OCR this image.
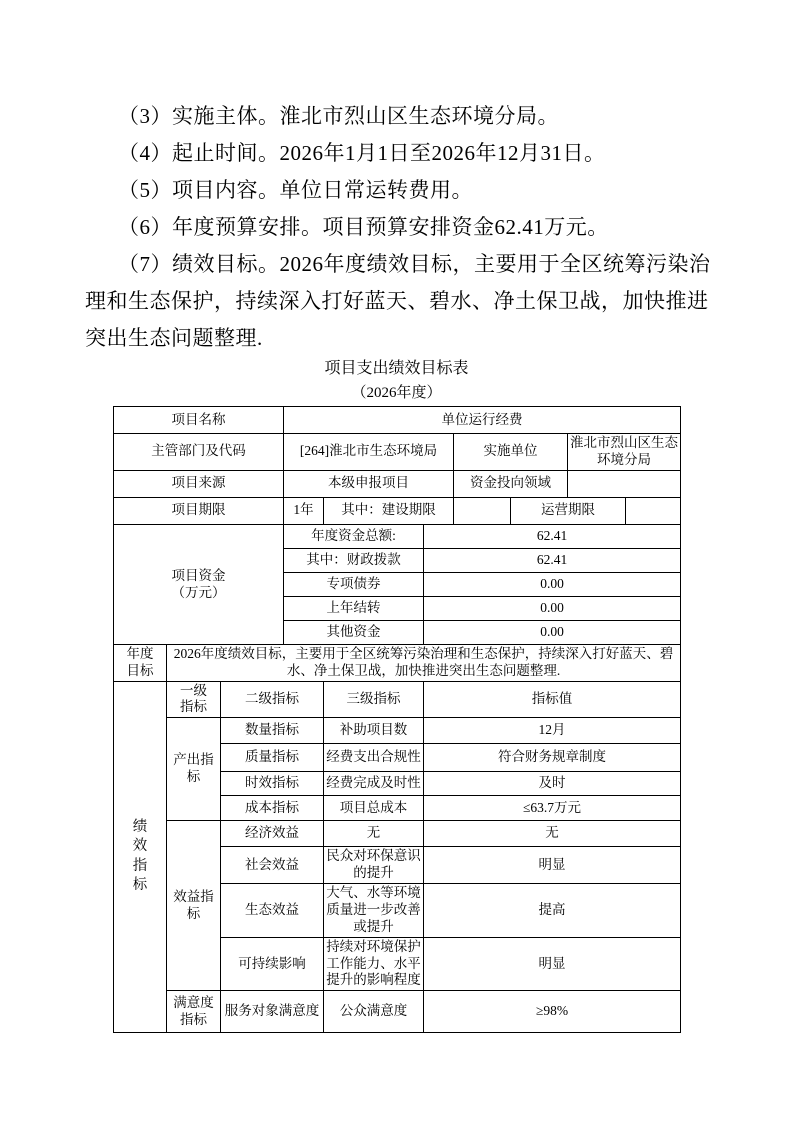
（3）实施主体。淮北市烈山区生态环境分局。

（4）起止时间。2026年1月1日至2026年12月31日。

（5）项目内容。单位日常运转费用。

（6）年度预算安排。项目预算安排资金62.41万元。

（7）绩效目标。2026年度绩效目标，主要用于全区统筹污染治理和生态保护，持续深入打好蓝天、碧水、净土保卫战，加快推进突出生态问题整理.

项目支出绩效目标表
（2026年度）
项目名称			单位运行经费						
主管部门及代码			[264]淮北市生态环境局			实施单位		淮北市烈山区生态环境分局	
项目来源			本级申报项目			资金投向领域			
项目期限			1年	其中：建设期限			运营期限		
项目资金（万元）			年度资金总额:		62.41				
			其中：财政拨款		62.41				
			专项债券		0.00				
			上年结转		0.00				
			其他资金		0.00				
年度目标	2026年度绩效目标，主要用于全区统筹污染治理和生态保护，持续深入打好蓝天、碧水、净土保卫战，加快推进突出生态问题整理.								
绩效指标	一级指标	二级指标		三级指标	指标值				
	产出指标	数量指标		补助项目数	12月				
		质量指标		经费支出合规性	符合财务规章制度				
		时效指标		经费完成及时性	及时				
		成本指标		项目总成本	≤63.7万元				
	效益指标	经济效益		无	无				
		社会效益		民众对环保意识的提升	明显				
		生态效益		大气、水等环境质量进一步改善或提升	提高				
		可持续影响		持续对环境保护工作能力、水平提升的影响程度	明显				
	满意度指标	服务对象满意度		公众满意度	≥98%				
